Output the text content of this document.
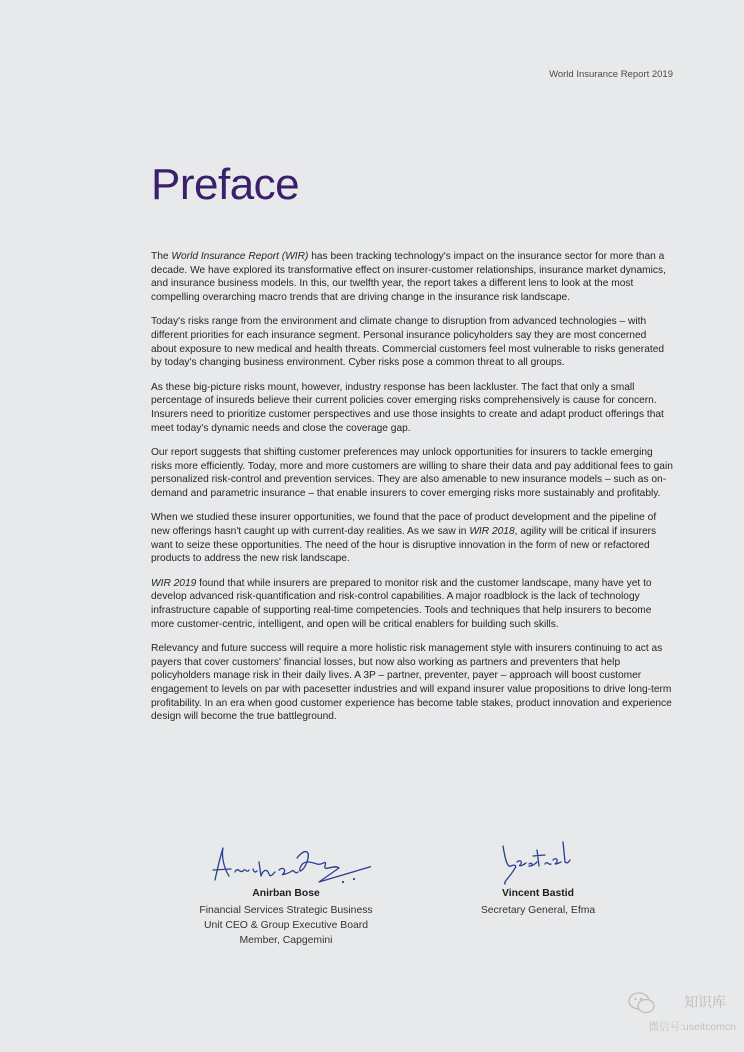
World Insurance Report 2019
Preface

The World Insurance Report (WIR) has been tracking technology's impact on the insurance sector for more than a decade. We have explored its transformative effect on insurer-customer relationships, insurance market dynamics, and insurance business models. In this, our twelfth year, the report takes a different lens to look at the most compelling overarching macro trends that are driving change in the insurance risk landscape.

Today's risks range from the environment and climate change to disruption from advanced technologies – with different priorities for each insurance segment. Personal insurance policyholders say they are most concerned about exposure to new medical and health threats. Commercial customers feel most vulnerable to risks generated by today's changing business environment. Cyber risks pose a common threat to all groups.

As these big-picture risks mount, however, industry response has been lackluster. The fact that only a small percentage of insureds believe their current policies cover emerging risks comprehensively is cause for concern. Insurers need to prioritize customer perspectives and use those insights to create and adapt product offerings that meet today's dynamic needs and close the coverage gap.

Our report suggests that shifting customer preferences may unlock opportunities for insurers to tackle emerging risks more efficiently. Today, more and more customers are willing to share their data and pay additional fees to gain personalized risk-control and prevention services. They are also amenable to new insurance models – such as on-demand and parametric insurance – that enable insurers to cover emerging risks more sustainably and profitably.

When we studied these insurer opportunities, we found that the pace of product development and the pipeline of new offerings hasn't caught up with current-day realities. As we saw in WIR 2018, agility will be critical if insurers want to seize these opportunities. The need of the hour is disruptive innovation in the form of new or refactored products to address the new risk landscape.

WIR 2019 found that while insurers are prepared to monitor risk and the customer landscape, many have yet to develop advanced risk-quantification and risk-control capabilities. A major roadblock is the lack of technology infrastructure capable of supporting real-time competencies. Tools and techniques that help insurers to become more customer-centric, intelligent, and open will be critical enablers for building such skills.

Relevancy and future success will require a more holistic risk management style with insurers continuing to act as payers that cover customers' financial losses, but now also working as partners and preventers that help policyholders manage risk in their daily lives. A 3P – partner, preventer, payer – approach will boost customer engagement to levels on par with pacesetter industries and will expand insurer value propositions to drive long-term profitability. In an era when good customer experience has become table stakes, product innovation and experience design will become the true battleground.

Anirban Bose
Financial Services Strategic Business
Unit CEO & Group Executive Board
Member, Capgemini
Vincent Bastid
Secretary General, Efma
知识库
微信号:useitcomcn
